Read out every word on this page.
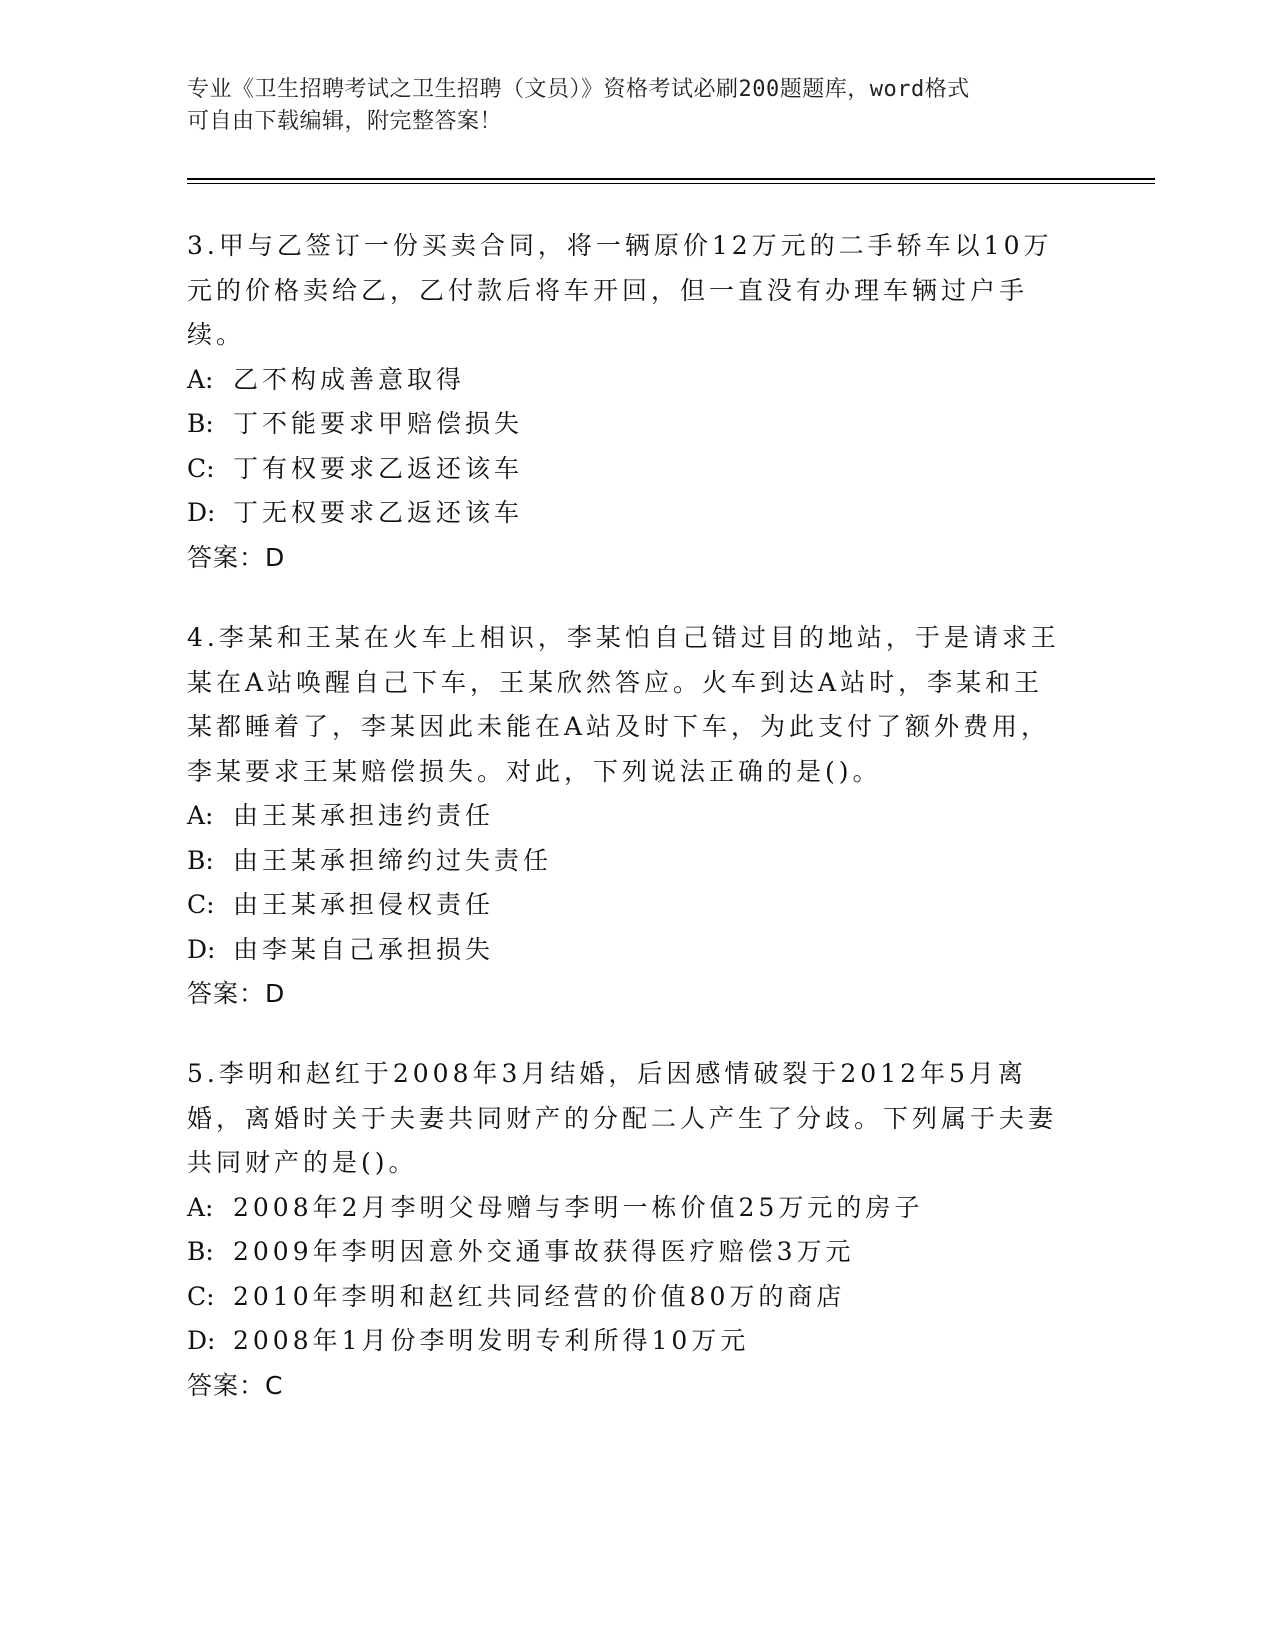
专业《卫生招聘考试之卫生招聘（文员）》资格考试必刷200题题库，word格式
可自由下载编辑，附完整答案！

3.甲与乙签订一份买卖合同，将一辆原价12万元的二手轿车以10万元的价格卖给乙，乙付款后将车开回，但一直没有办理车辆过户手续。

A: 乙不构成善意取得
B: 丁不能要求甲赔偿损失
C: 丁有权要求乙返还该车
D: 丁无权要求乙返还该车
答案：D

4.李某和王某在火车上相识，李某怕自己错过目的地站，于是请求王某在A站唤醒自己下车，王某欣然答应。火车到达A站时，李某和王某都睡着了，李某因此未能在A站及时下车，为此支付了额外费用，李某要求王某赔偿损失。对此，下列说法正确的是()。

A: 由王某承担违约责任
B: 由王某承担缔约过失责任
C: 由王某承担侵权责任
D: 由李某自己承担损失
答案：D

5.李明和赵红于2008年3月结婚，后因感情破裂于2012年5月离婚，离婚时关于夫妻共同财产的分配二人产生了分歧。下列属于夫妻共同财产的是()。

A: 2008年2月李明父母赠与李明一栋价值25万元的房子
B: 2009年李明因意外交通事故获得医疗赔偿3万元
C: 2010年李明和赵红共同经营的价值80万的商店
D: 2008年1月份李明发明专利所得10万元
答案：C
